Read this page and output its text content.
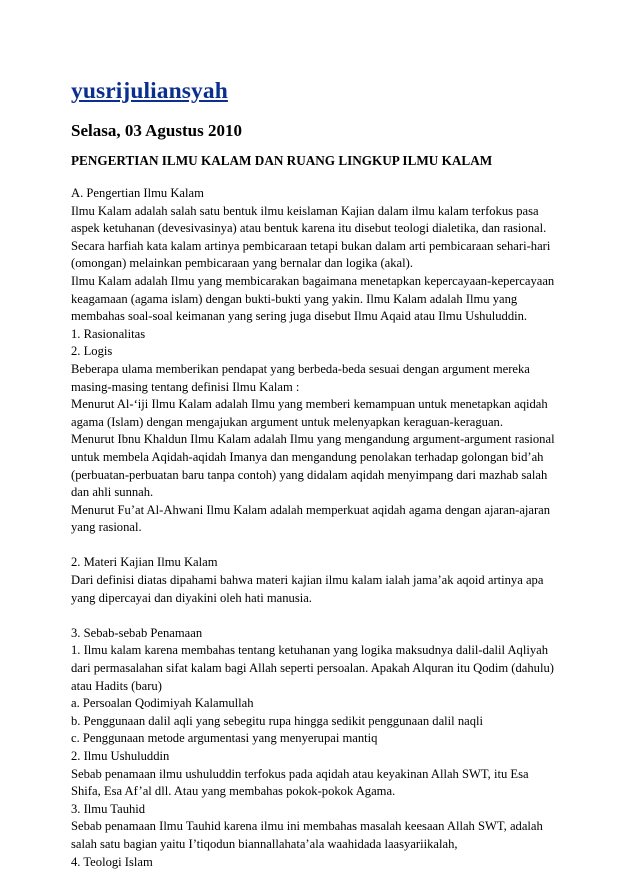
yusrijuliansyah
Selasa, 03 Agustus 2010
PENGERTIAN ILMU KALAM DAN RUANG LINGKUP ILMU KALAM
A. Pengertian Ilmu Kalam
Ilmu Kalam adalah salah satu bentuk ilmu keislaman Kajian dalam ilmu kalam terfokus pasa
aspek ketuhanan (devesivasinya) atau bentuk karena itu disebut teologi dialetika, dan rasional.
Secara harfiah kata kalam artinya pembicaraan tetapi bukan dalam arti pembicaraan sehari-hari
(omongan) melainkan pembicaraan yang bernalar dan logika (akal).
Ilmu Kalam adalah Ilmu yang membicarakan bagaimana menetapkan kepercayaan-kepercayaan
keagamaan (agama islam) dengan bukti-bukti yang yakin. Ilmu Kalam adalah Ilmu yang
membahas soal-soal keimanan yang sering juga disebut Ilmu Aqaid atau Ilmu Ushuluddin.
1. Rasionalitas
2. Logis
Beberapa ulama memberikan pendapat yang berbeda-beda sesuai dengan argument mereka
masing-masing tentang definisi Ilmu Kalam :
Menurut Al-‘iji Ilmu Kalam adalah Ilmu yang memberi kemampuan untuk menetapkan aqidah
agama (Islam) dengan mengajukan argument untuk melenyapkan keraguan-keraguan.
Menurut Ibnu Khaldun Ilmu Kalam adalah Ilmu yang mengandung argument-argument rasional
untuk membela Aqidah-aqidah Imanya dan mengandung penolakan terhadap golongan bid’ah
(perbuatan-perbuatan baru tanpa contoh) yang didalam aqidah menyimpang dari mazhab salah
dan ahli sunnah.
Menurut Fu’at Al-Ahwani Ilmu Kalam adalah memperkuat aqidah agama dengan ajaran-ajaran
yang rasional.
2. Materi Kajian Ilmu Kalam
Dari definisi diatas dipahami bahwa materi kajian ilmu kalam ialah jama’ak aqoid artinya apa
yang dipercayai dan diyakini oleh hati manusia.
3. Sebab-sebab Penamaan
1. Ilmu kalam karena membahas tentang ketuhanan yang logika maksudnya dalil-dalil Aqliyah
dari permasalahan sifat kalam bagi Allah seperti persoalan. Apakah Alquran itu Qodim (dahulu)
atau Hadits (baru)
a. Persoalan Qodimiyah Kalamullah
b. Penggunaan dalil aqli yang sebegitu rupa hingga sedikit penggunaan dalil naqli
c. Penggunaan metode argumentasi yang menyerupai mantiq
2. Ilmu Ushuluddin
Sebab penamaan ilmu ushuluddin terfokus pada aqidah atau keyakinan Allah SWT, itu Esa
Shifa, Esa Af’al dll. Atau yang membahas pokok-pokok Agama.
3. Ilmu Tauhid
Sebab penamaan Ilmu Tauhid karena ilmu ini membahas masalah keesaan Allah SWT, adalah
salah satu bagian yaitu I’tiqodun biannallahata’ala waahidada laasyariikalah,
4. Teologi Islam
